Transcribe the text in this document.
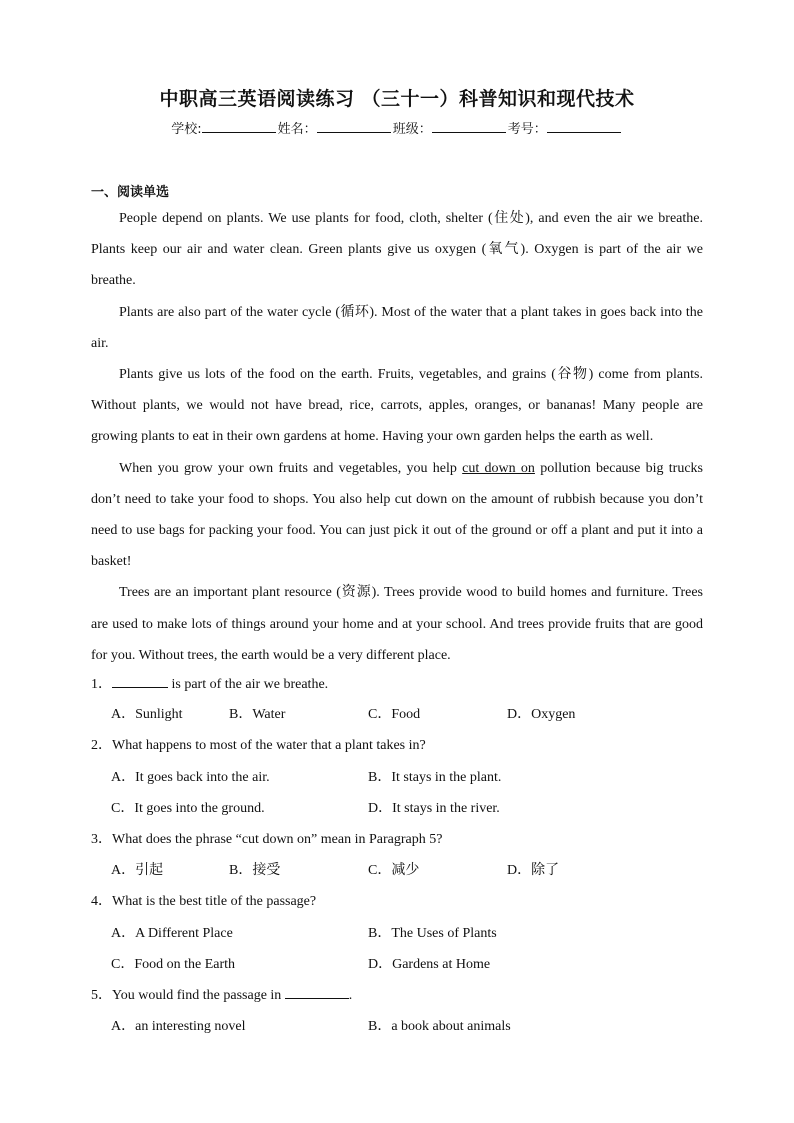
中职高三英语阅读练习 （三十一）科普知识和现代技术
学校:	姓名：	班级：	考号：
一、阅读单选

People depend on plants. We use plants for food, cloth, shelter (住处), and even the air we breathe. Plants keep our air and water clean. Green plants give us oxygen (氧气). Oxygen is part of the air we breathe.

Plants are also part of the water cycle (循环). Most of the water that a plant takes in goes back into the air.

Plants give us lots of the food on the earth. Fruits, vegetables, and grains (谷物) come from plants. Without plants, we would not have bread, rice, carrots, apples, oranges, or bananas! Many people are growing plants to eat in their own gardens at home. Having your own garden helps the earth as well.

When you grow your own fruits and vegetables, you help cut down on pollution because big trucks don’t need to take your food to shops. You also help cut down on the amount of rubbish because you don’t need to use bags for packing your food. You can just pick it out of the ground or off a plant and put it into a basket!

Trees are an important plant resource (资源). Trees provide wood to build homes and furniture. Trees are used to make lots of things around your home and at your school. And trees provide fruits that are good for you. Without trees, the earth would be a very different place.

1．	is part of the air we breathe.
A．Sunlight	B．Water	C．Food	D．Oxygen
2．What happens to most of the water that a plant takes in?
A．It goes back into the air.	B．It stays in the plant.
C．It goes into the ground.	D．It stays in the river.
3．What does the phrase “cut down on” mean in Paragraph 5?
A．引起	B．接受	C．减少	D．除了
4．What is the best title of the passage?
A．A Different Place	B．The Uses of Plants
C．Food on the Earth	D．Gardens at Home
5．You would find the passage in	.
A．an interesting novel	B．a book about animals
